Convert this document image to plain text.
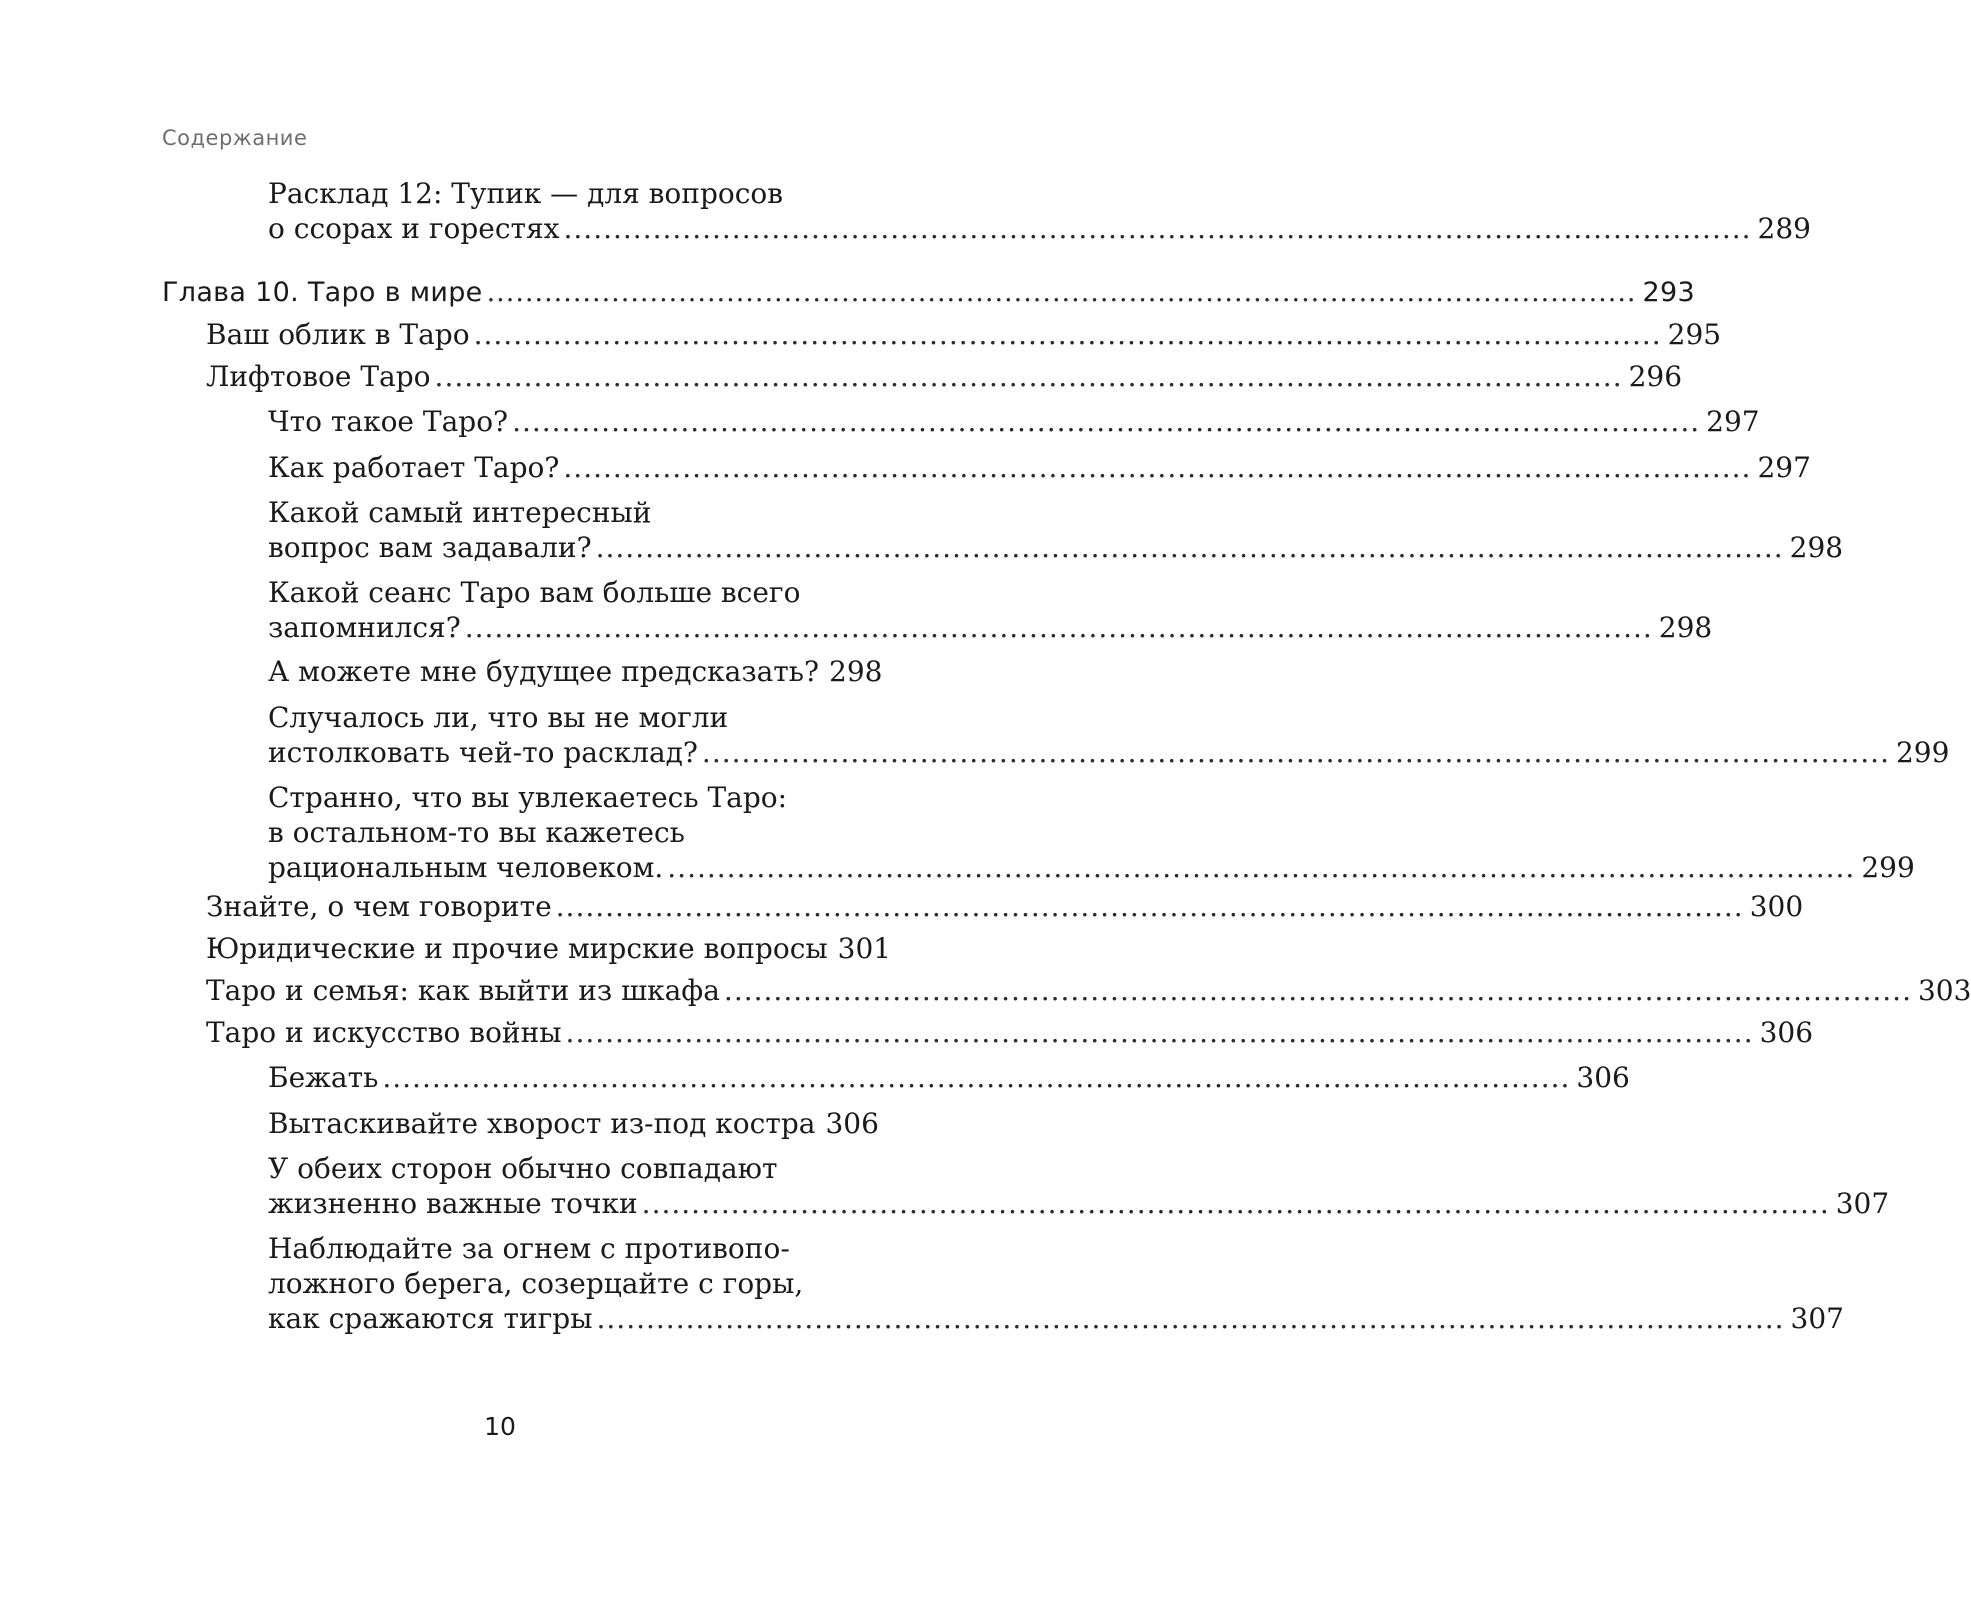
Содержание
Расклад 12: Тупик — для вопросов
о ссорах и горестях ........................................................................................................................ 289
Глава 10. Таро в мире ........................................................................................................................ 293
Ваш облик в Таро ........................................................................................................................ 295
Лифтовое Таро ........................................................................................................................ 296
Что такое Таро? ........................................................................................................................ 297
Как работает Таро? ........................................................................................................................ 297
Какой самый интересный
вопрос вам задавали? ........................................................................................................................ 298
Какой сеанс Таро вам больше всего
запомнился? ........................................................................................................................ 298
А можете мне будущее предсказать? 298
Случалось ли, что вы не могли
истолковать чей-то расклад? ........................................................................................................................ 299
Странно, что вы увлекаетесь Таро:
в остальном-то вы кажетесь
рациональным человеком. ........................................................................................................................ 299
Знайте, о чем говорите ........................................................................................................................ 300
Юридические и прочие мирские вопросы 301
Таро и семья: как выйти из шкафа ........................................................................................................................ 303
Таро и искусство войны ........................................................................................................................ 306
Бежать ........................................................................................................................ 306
Вытаскивайте хворост из-под костра 306
У обеих сторон обычно совпадают
жизненно важные точки ........................................................................................................................ 307
Наблюдайте за огнем с противопо-
ложного берега, созерцайте с горы,
как сражаются тигры ........................................................................................................................ 307
10
